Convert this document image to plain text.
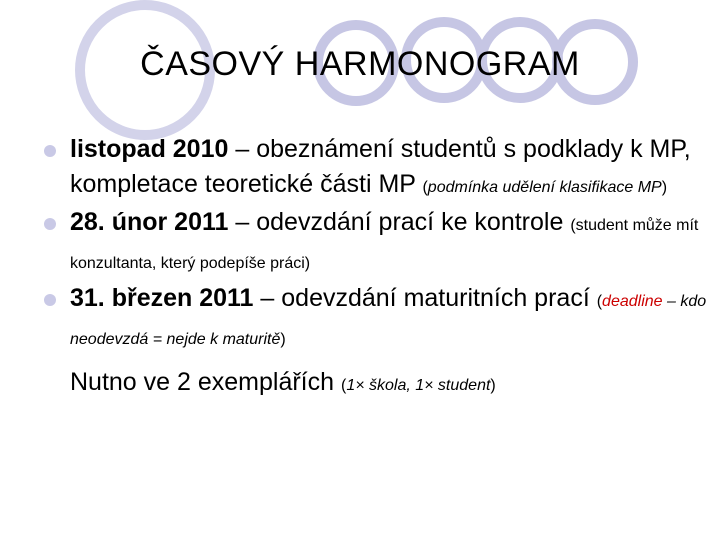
ČASOVÝ HARMONOGRAM
listopad 2010 – obeznámení studentů s podklady k MP, kompletace teoretické části MP (podmínka udělení klasifikace MP)
28. únor 2011 – odevzdání prací ke kontrole (student může mít konzultanta, který podepíše práci)
31. březen 2011 – odevzdání maturitních prací (deadline – kdo neodevzdá = nejde k maturitě)
Nutno ve 2 exemplářích (1× škola, 1× student)
